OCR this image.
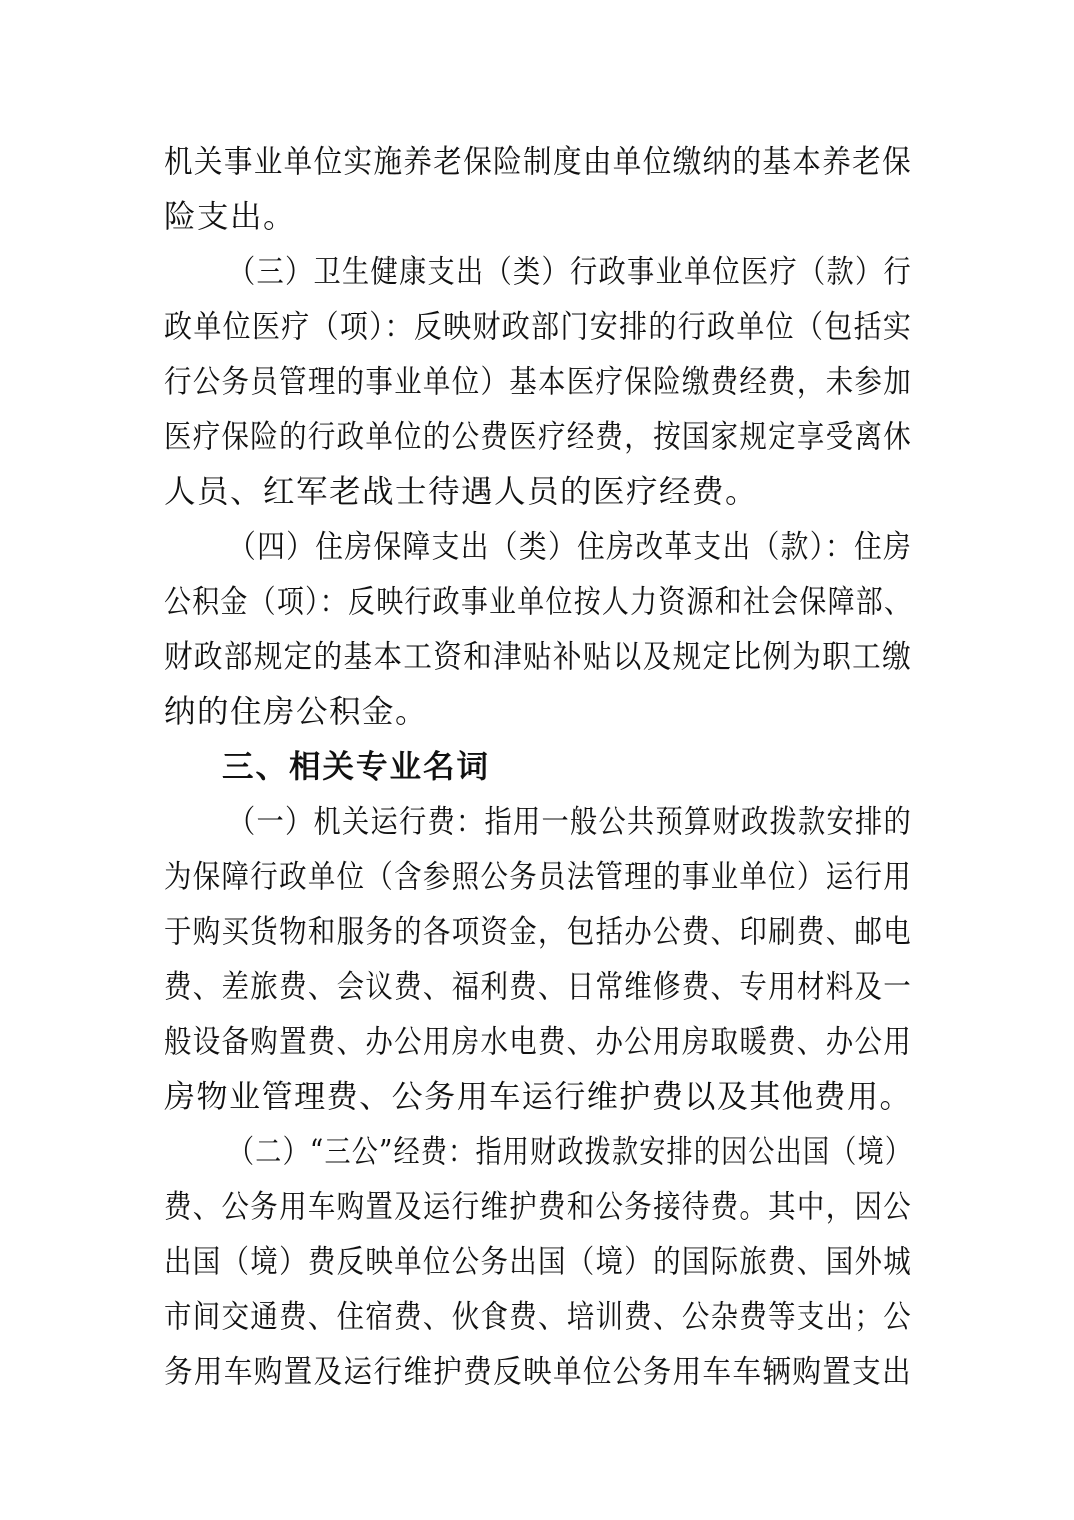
机关事业单位实施养老保险制度由单位缴纳的基本养老保
险支出。
（三）卫生健康支出（类）行政事业单位医疗（款）行
政单位医疗（项）：反映财政部门安排的行政单位（包括实
行公务员管理的事业单位）基本医疗保险缴费经费，未参加
医疗保险的行政单位的公费医疗经费，按国家规定享受离休
人员、红军老战士待遇人员的医疗经费。
（四）住房保障支出（类）住房改革支出（款）：住房
公积金（项）：反映行政事业单位按人力资源和社会保障部、
财政部规定的基本工资和津贴补贴以及规定比例为职工缴
纳的住房公积金。
三、相关专业名词
（一）机关运行费：指用一般公共预算财政拨款安排的
为保障行政单位（含参照公务员法管理的事业单位）运行用
于购买货物和服务的各项资金，包括办公费、印刷费、邮电
费、差旅费、会议费、福利费、日常维修费、专用材料及一
般设备购置费、办公用房水电费、办公用房取暖费、办公用
房物业管理费、公务用车运行维护费以及其他费用。
（二）“三公”经费：指用财政拨款安排的因公出国（境）
费、公务用车购置及运行维护费和公务接待费。其中，因公
出国（境）费反映单位公务出国（境）的国际旅费、国外城
市间交通费、住宿费、伙食费、培训费、公杂费等支出；公
务用车购置及运行维护费反映单位公务用车车辆购置支出
